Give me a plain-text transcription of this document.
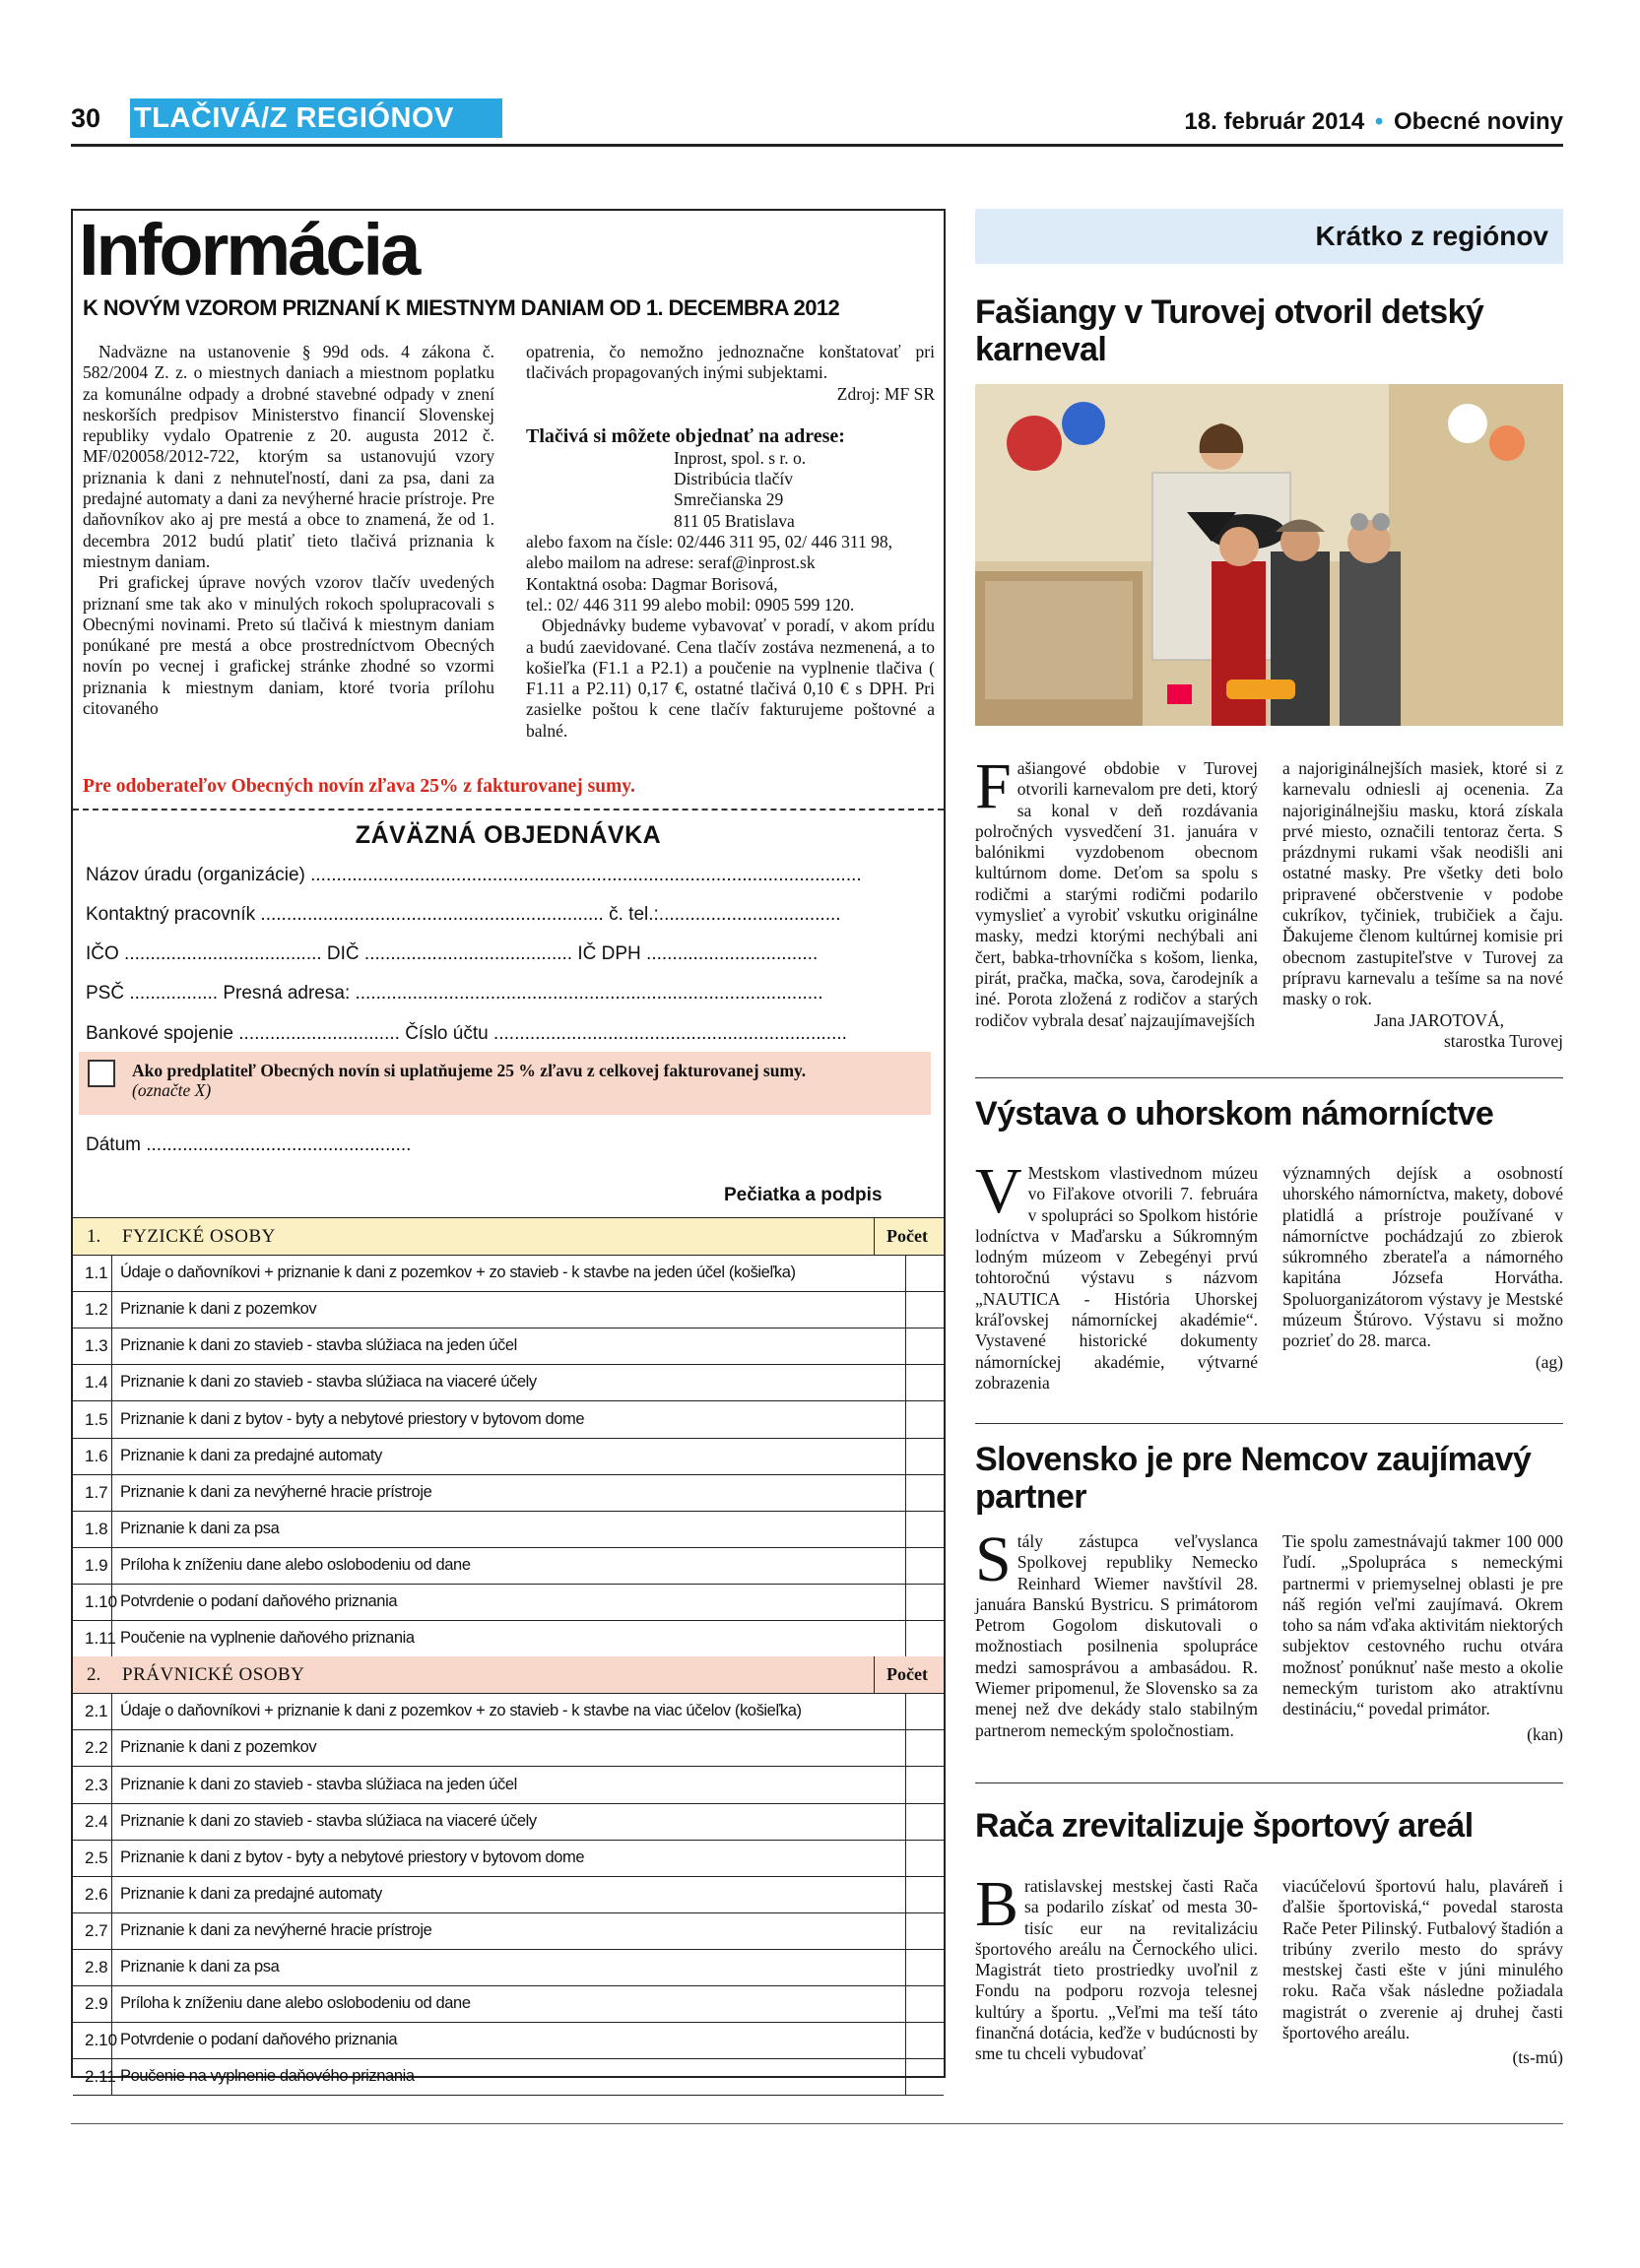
30 TLAČIVÁ/Z REGIÓNOV	18. február 2014 • Obecné noviny
Informácia
K NOVÝM VZOROM PRIZNANÍ K MIESTNYM DANIAM OD 1. DECEMBRA 2012

Nadväzne na ustanovenie § 99d ods. 4 zákona č. 582/2004 Z. z. o miestnych daniach a miestnom poplatku za komunálne odpady a drobné stavebné odpady v znení neskorších predpisov Ministerstvo financií Slovenskej republiky vydalo Opatrenie z 20. augusta 2012 č. MF/020058/2012-722, ktorým sa ustanovujú vzory priznania k dani z nehnuteľností, dani za psa, dani za predajné automaty a dani za nevýherné hracie prístroje. Pre daňovníkov ako aj pre mestá a obce to znamená, že od 1. decembra 2012 budú platiť tieto tlačivá priznania k miestnym daniam.

Pri grafickej úprave nových vzorov tlačív uvedených priznaní sme tak ako v minulých rokoch spolupracovali s Obecnými novinami. Preto sú tlačivá k miestnym daniam ponúkané pre mestá a obce prostredníctvom Obecných novín po vecnej i grafickej stránke zhodné so vzormi priznania k miestnym daniam, ktoré tvoria prílohu citovaného

opatrenia, čo nemožno jednoznačne konštatovať pri tlačivách propagovaných inými subjektami.

Zdroj: MF SR
Tlačivá si môžete objednať na adrese:
Inprost, spol. s r. o.
Distribúcia tlačív
Smrečianska 29
811 05 Bratislava
alebo faxom na čísle: 02/446 311 95, 02/ 446 311 98,
alebo mailom na adrese: seraf@inprost.sk
Kontaktná osoba: Dagmar Borisová,
tel.: 02/ 446 311 99 alebo mobil: 0905 599 120.

Objednávky budeme vybavovať v poradí, v akom prídu a budú zaevidované. Cena tlačív zostáva nezmenená, a to košieľka (F1.1 a P2.1) a poučenie na vyplnenie tlačiva ( F1.11 a P2.11) 0,17 €, ostatné tlačivá 0,10 € s DPH. Pri zasielke poštou k cene tlačív fakturujeme poštovné a balné.

Pre odoberateľov Obecných novín zľava 25% z fakturovanej sumy.
ZÁVÄZNÁ OBJEDNÁVKA
Názov úradu (organizácie) ..........................................................................................................
Kontaktný pracovník .................................................................. č. tel.:...................................
IČO ...................................... DIČ ........................................ IČ DPH .................................
PSČ ................. Presná adresa: ..........................................................................................
Bankové spojenie ............................... Číslo účtu ....................................................................
Ako predplatiteľ Obecných novín si uplatňujeme 25 % zľavu z celkovej fakturovanej sumy.
(označte X)
Dátum ...................................................
Pečiatka a podpis
1.	FYZICKÉ OSOBY	Počet
1.1 Údaje o daňovníkovi + priznanie k dani z pozemkov + zo stavieb - k stavbe na jeden účel (košieľka)
1.2 Priznanie k dani z pozemkov
1.3 Priznanie k dani zo stavieb - stavba slúžiaca na jeden účel
1.4 Priznanie k dani zo stavieb - stavba slúžiaca na viaceré účely
1.5 Priznanie k dani z bytov - byty a nebytové priestory v bytovom dome
1.6 Priznanie k dani za predajné automaty
1.7 Priznanie k dani za nevýherné hracie prístroje
1.8 Priznanie k dani za psa
1.9 Príloha k zníženiu dane alebo oslobodeniu od dane
1.10 Potvrdenie o podaní daňového priznania
1.11 Poučenie na vyplnenie daňového priznania
2.	PRÁVNICKÉ OSOBY	Počet
2.1 Údaje o daňovníkovi + priznanie k dani z pozemkov + zo stavieb - k stavbe na viac účelov (košieľka)
2.2 Priznanie k dani z pozemkov
2.3 Priznanie k dani zo stavieb - stavba slúžiaca na jeden účel
2.4 Priznanie k dani zo stavieb - stavba slúžiaca na viaceré účely
2.5 Priznanie k dani z bytov - byty a nebytové priestory v bytovom dome
2.6 Priznanie k dani za predajné automaty
2.7 Priznanie k dani za nevýherné hracie prístroje
2.8 Priznanie k dani za psa
2.9 Príloha k zníženiu dane alebo oslobodeniu od dane
2.10 Potvrdenie o podaní daňového priznania
2.11 Poučenie na vyplnenie daňového priznania
Krátko z regiónov
Fašiangy v Turovej otvoril detský karneval
Fašiangové obdobie v Turovej otvorili karnevalom pre deti, ktorý sa konal v deň rozdávania polročných vysvedčení 31. januára v balónikmi vyzdobenom obecnom kultúrnom dome. Deťom sa spolu s rodičmi a starými rodičmi podarilo vymyslieť a vyrobiť vskutku originálne masky, medzi ktorými nechýbali ani čert, babka-trhovníčka s košom, lienka, pirát, pračka, mačka, sova, čarodejník a iné. Porota zložená z rodičov a starých rodičov vybrala desať najzaujímavejších
a najoriginálnejších masiek, ktoré si z karnevalu odniesli aj ocenenia. Za najoriginálnejšiu masku, ktorá získala prvé miesto, označili tentoraz čerta. S prázdnymi rukami však neodišli ani ostatné masky. Pre všetky deti bolo pripravené občerstvenie v podobe cukríkov, tyčiniek, trubičiek a čaju. Ďakujeme členom kultúrnej komisie pri obecnom zastupiteľstve v Turovej za prípravu karnevalu a tešíme sa na nové masky o rok.
Jana JAROTOVÁ,
starostka Turovej
Výstava o uhorskom námorníctve
V Mestskom vlastivednom múzeu vo Fiľakove otvorili 7. februára v spolupráci so Spolkom histórie lodníctva v Maďarsku a Súkromným lodným múzeom v Zebegényi prvú tohtoročnú výstavu s názvom „NAUTICA - História Uhorskej kráľovskej námorníckej akadémie“. Vystavené historické dokumenty námorníckej akadémie, výtvarné zobrazenia
významných dejísk a osobností uhorského námorníctva, makety, dobové platidlá a prístroje používané v námorníctve pochádzajú zo zbierok súkromného zberateľa a námorného kapitána Józsefa Horvátha. Spoluorganizátorom výstavy je Mestské múzeum Štúrovo. Výstavu si možno pozrieť do 28. marca.
(ag)
Slovensko je pre Nemcov zaujímavý partner
Stály zástupca veľvyslanca Spolkovej republiky Nemecko Reinhard Wiemer navštívil 28. januára Banskú Bystricu. S primátorom Petrom Gogolom diskutovali o možnostiach posilnenia spolupráce medzi samosprávou a ambasádou. R. Wiemer pripomenul, že Slovensko sa za menej než dve dekády stalo stabilným partnerom nemeckým spoločnostiam.
Tie spolu zamestnávajú takmer 100 000 ľudí. „Spolupráca s nemeckými partnermi v priemyselnej oblasti je pre náš región veľmi zaujímavá. Okrem toho sa nám vďaka aktivitám niektorých subjektov cestovného ruchu otvára možnosť ponúknuť naše mesto a okolie nemeckým turistom ako atraktívnu destináciu,“ povedal primátor.
(kan)
Rača zrevitalizuje športový areál
Bratislavskej mestskej časti Rača sa podarilo získať od mesta 30-tisíc eur na revitalizáciu športového areálu na Černockého ulici. Magistrát tieto prostriedky uvoľnil z Fondu na podporu rozvoja telesnej kultúry a športu. „Veľmi ma teší táto finančná dotácia, keďže v budúcnosti by sme tu chceli vybudovať
viacúčelovú športovú halu, plaváreň i ďalšie športoviská,“ povedal starosta Rače Peter Pilinský. Futbalový štadión a tribúny zverilo mesto do správy mestskej časti ešte v júni minulého roku. Rača však následne požiadala magistrát o zverenie aj druhej časti športového areálu.
(ts-mú)
